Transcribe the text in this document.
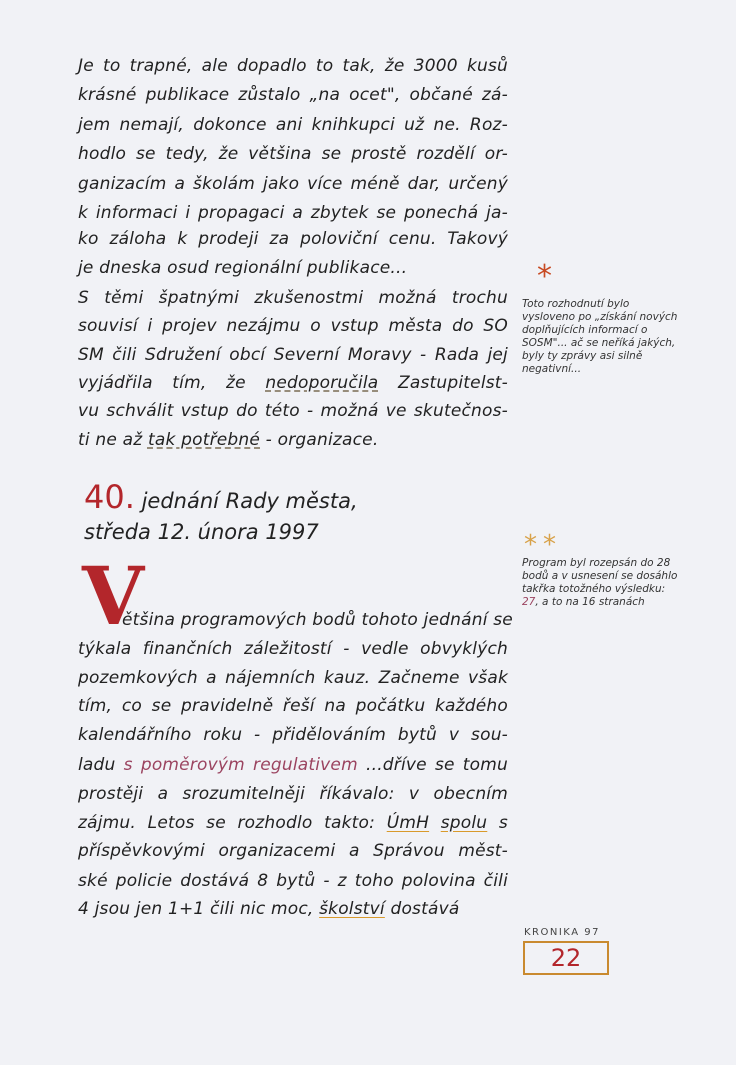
Je to trapné, ale dopadlo to tak, že 3000 kusů
krásné publikace zůstalo „na ocet", občané zá-
jem nemají, dokonce ani knihkupci už ne. Roz-
hodlo se tedy, že většina se prostě rozdělí or-
ganizacím a školám jako více méně dar, určený
k informaci i propagaci a zbytek se ponechá ja-
ko záloha k prodeji za poloviční cenu. Takový
je dneska osud regionální publikace...
S těmi špatnými zkušenostmi možná trochu
souvisí i projev nezájmu o vstup města do SO
SM čili Sdružení obcí Severní Moravy - Rada jej
vyjádřila tím, že nedoporučila Zastupitelst-
vu schválit vstup do této - možná ve skutečnos-
ti ne až tak potřebné - organizace.
40. jednání Rady města,
středa 12. února 1997
V
ětšina programových bodů tohoto jednání se
týkala finančních záležitostí - vedle obvyklých
pozemkových a nájemních kauz. Začneme však
tím, co se pravidelně řeší na počátku každého
kalendářního roku - přidělováním bytů v sou-
ladu s poměrovým regulativem ...dříve se tomu
prostěji a srozumitelněji říkávalo: v obecním
zájmu. Letos se rozhodlo takto: ÚmH spolu s
příspěvkovými organizacemi a Správou měst-
ské policie dostává 8 bytů - z toho polovina čili
4 jsou jen 1+1 čili nic moc, školství dostává
*
Toto rozhodnutí bylo vysloveno po „získání nových doplňujících informací o SOSM"... ač se neříká jakých, byly ty zprávy asi silně negativní...
**
Program byl rozepsán do 28 bodů a v usnesení se dosáhlo takřka totožného výsledku: 27, a to na 16 stranách
KRONIKA 97
22
